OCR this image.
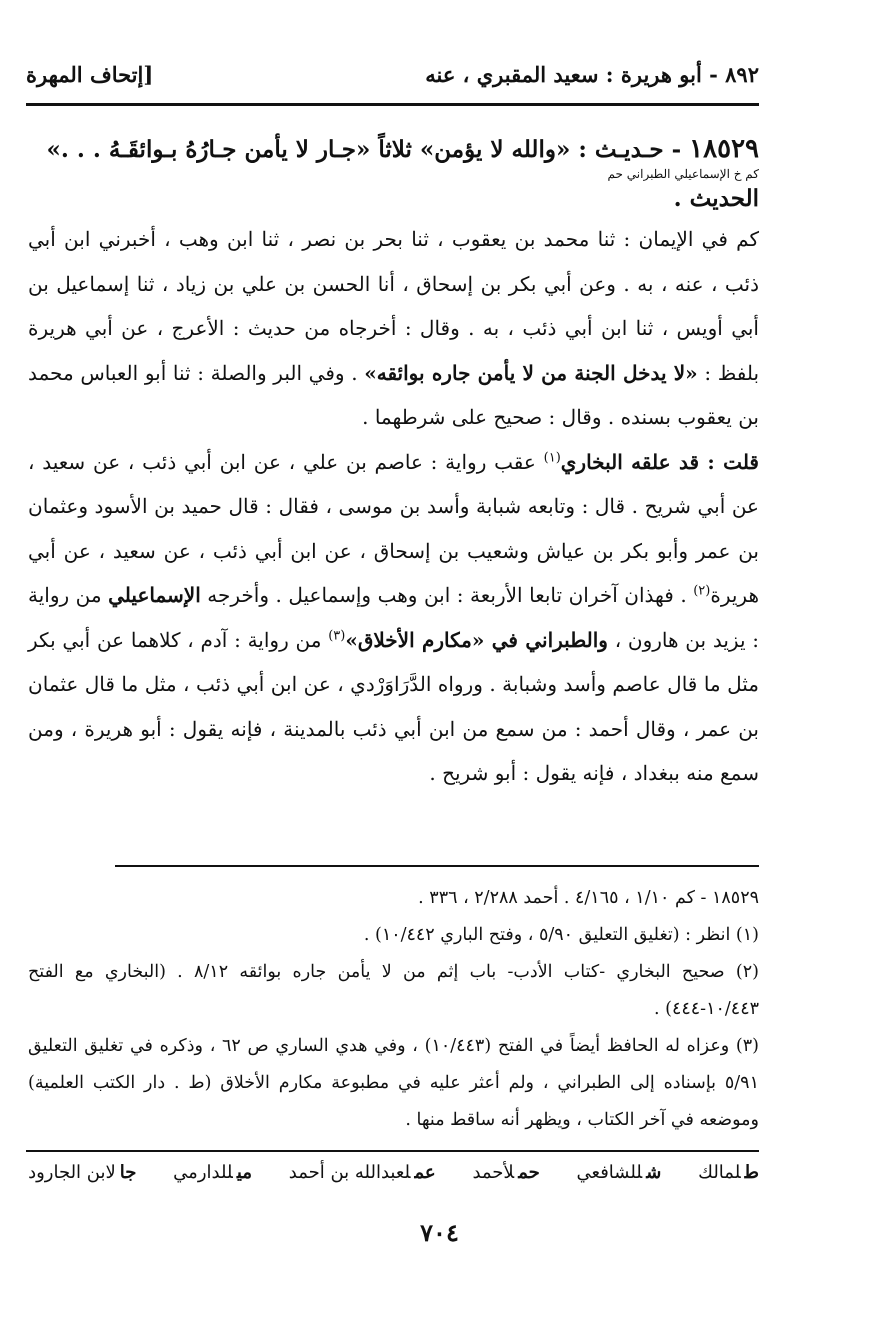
٨٩٢ - أبو هريرة : سعيد المقبري ، عنه
[إتحاف المهرة
١٨٥٢٩ - حـديـث : «والله لا يؤمن» ثلاثاً «جـار لا يأمن جـارُهُ بـوائقَـهُ . . .»
كم خ الإسماعيلي الطبراني حم
الحديث .

كم في الإيمان : ثنا محمد بن يعقوب ، ثنا بحر بن نصر ، ثنا ابن وهب ، أخبرني ابن أبي ذئب ، عنه ، به . وعن أبي بكر بن إسحاق ، أنا الحسن بن علي بن زياد ، ثنا إسماعيل بن أبي أويس ، ثنا ابن أبي ذئب ، به . وقال : أخرجاه من حديث : الأعرج ، عن أبي هريرة بلفظ : «لا يدخل الجنة من لا يأمن جاره بوائقه» . وفي البر والصلة : ثنا أبو العباس محمد بن يعقوب بسنده . وقال : صحيح على شرطهما .

قلت : قد علقه البخاري$^{(١)}$ عقب رواية : عاصم بن علي ، عن ابن أبي ذئب ، عن سعيد ، عن أبي شريح . قال : وتابعه شبابة وأسد بن موسى ، فقال : قال حميد بن الأسود وعثمان بن عمر وأبو بكر بن عياش وشعيب بن إسحاق ، عن ابن أبي ذئب ، عن سعيد ، عن أبي هريرة$^{(٢)}$ . فهذان آخران تابعا الأربعة : ابن وهب وإسماعيل . وأخرجه الإسماعيلي من رواية : يزيد بن هارون ، والطبراني في «مكارم الأخلاق»$^{(٣)}$ من رواية : آدم ، كلاهما عن أبي بكر مثل ما قال عاصم وأسد وشبابة . ورواه الدَّرَاوَرْدي ، عن ابن أبي ذئب ، مثل ما قال عثمان بن عمر ، وقال أحمد : من سمع من ابن أبي ذئب بالمدينة ، فإنه يقول : أبو هريرة ، ومن سمع منه ببغداد ، فإنه يقول : أبو شريح .

١٨٥٢٩ - كم ١/١٠ ، ٤/١٦٥ . أحمد ٢/٢٨٨ ، ٣٣٦ .

(١) انظر : (تغليق التعليق ٥/٩٠ ، وفتح الباري ١٠/٤٤٢) .

(٢) صحيح البخاري -كتاب الأدب- باب إثم من لا يأمن جاره بوائقه ٨/١٢ . (البخاري مع الفتح ١٠/٤٤٣-٤٤٤) .

(٣) وعزاه له الحافظ أيضاً في الفتح (١٠/٤٤٣) ، وفي هدي الساري ص ٦٢ ، وذكره في تغليق التعليق ٥/٩١ بإسناده إلى الطبراني ، ولم أعثر عليه في مطبوعة مكارم الأخلاق (ط . دار الكتب العلمية) وموضعه في آخر الكتاب ، ويظهر أنه ساقط منها .

طلمالك
شللشافعي
حملأحمد
عملعبدالله بن أحمد
ميللدارمي
جالابن الجارود
٧٠٤
